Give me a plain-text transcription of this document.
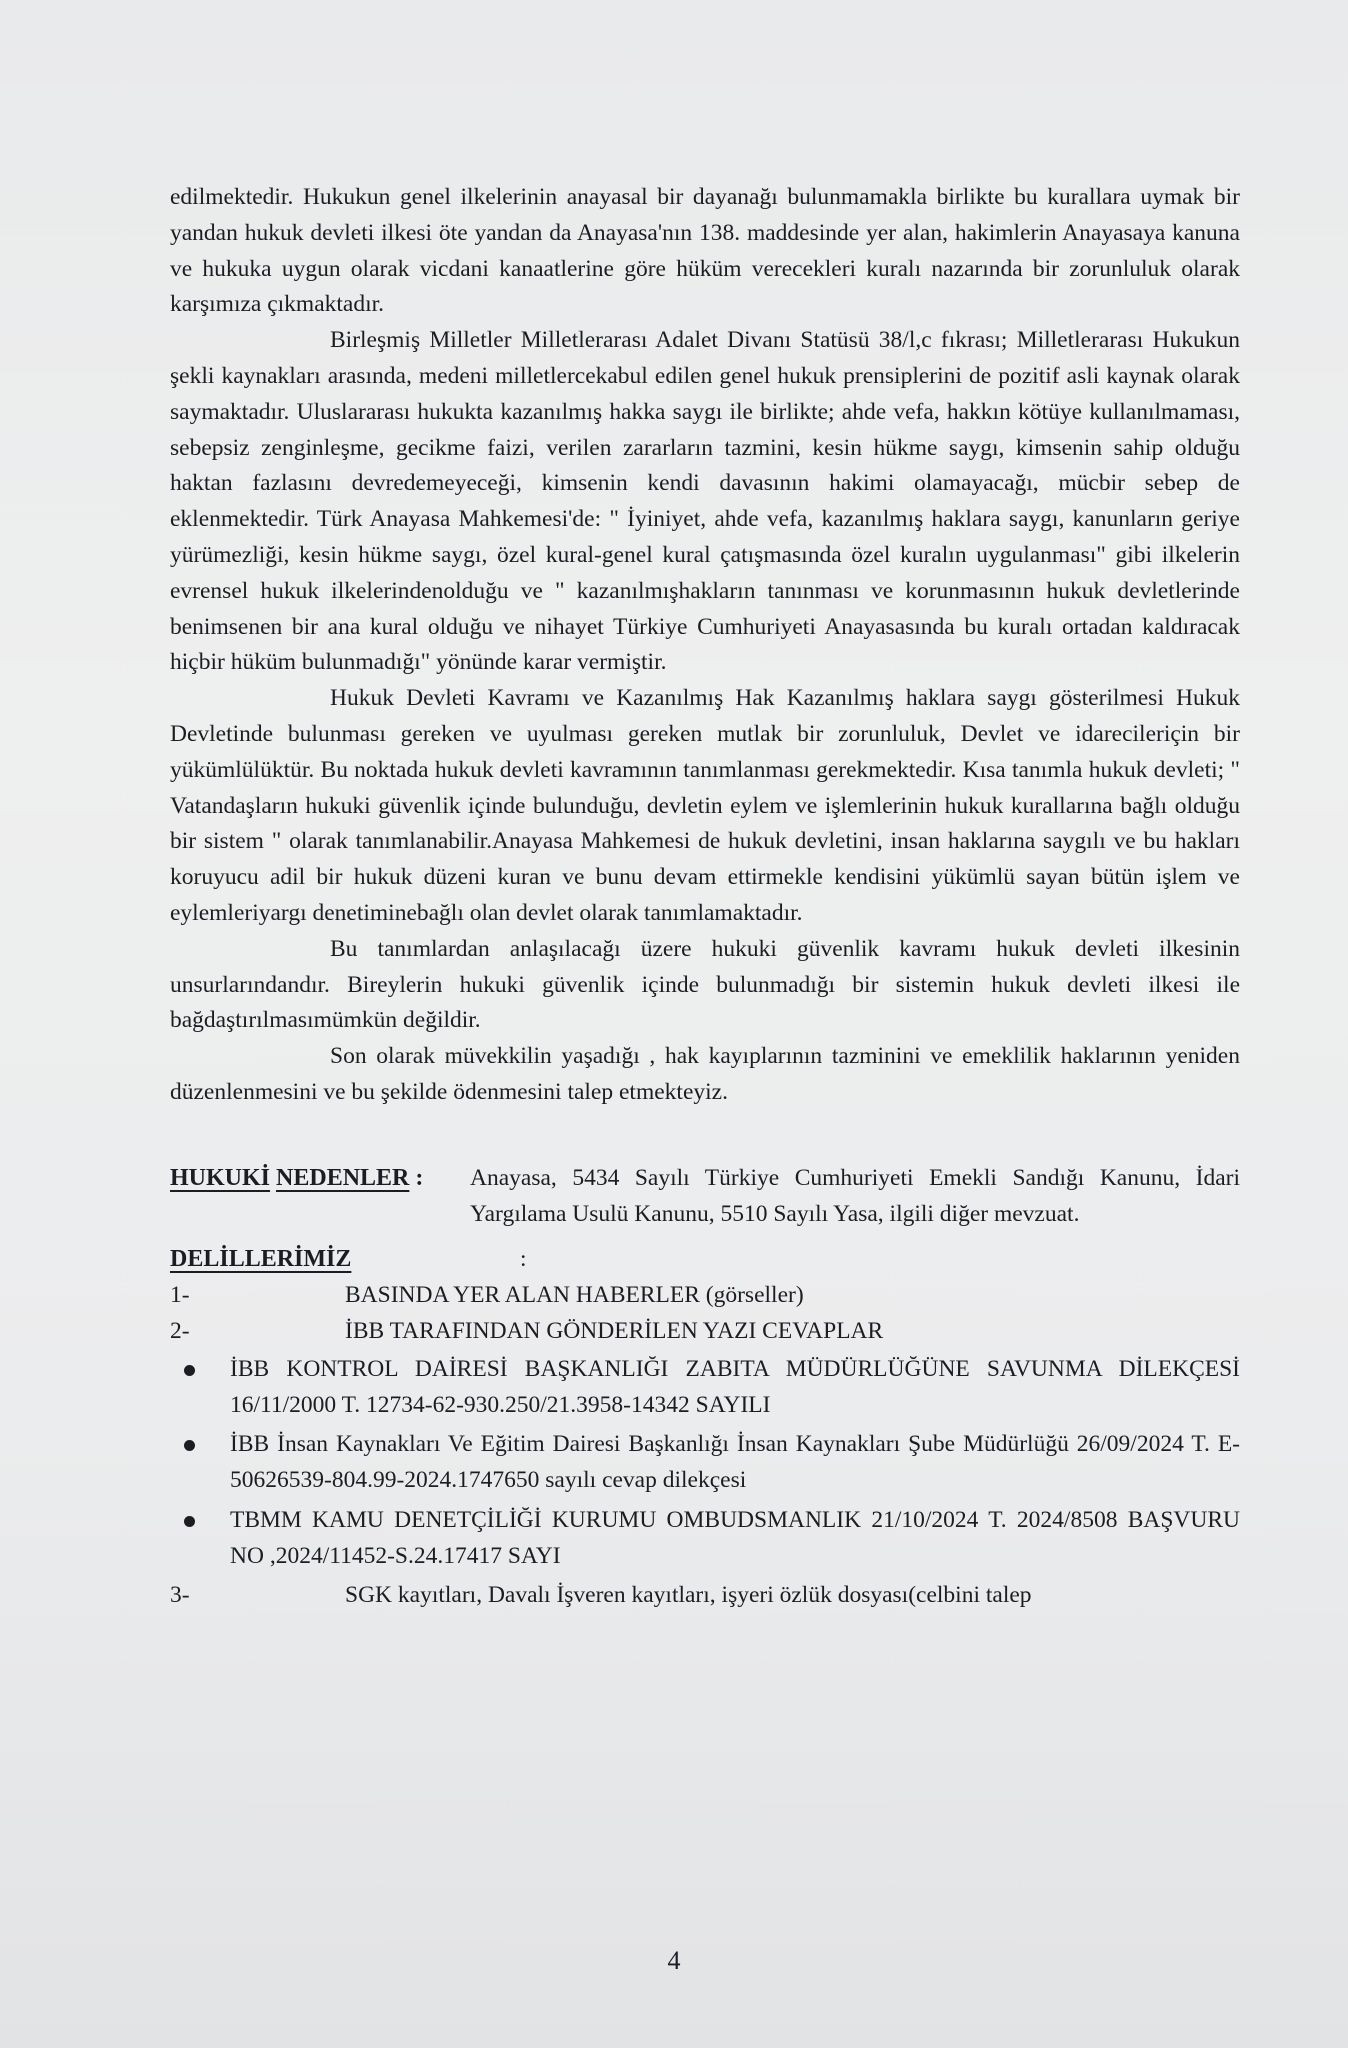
edilmektedir. Hukukun genel ilkelerinin anayasal bir dayanağı bulunmamakla birlikte bu kurallara uymak bir yandan hukuk devleti ilkesi öte yandan da Anayasa'nın 138. maddesinde yer alan, hakimlerin Anayasaya kanuna ve hukuka uygun olarak vicdani kanaatlerine göre hüküm verecekleri kuralı nazarında bir zorunluluk olarak karşımıza çıkmaktadır.

Birleşmiş Milletler Milletlerarası Adalet Divanı Statüsü 38/l,c fıkrası; Milletlerarası Hukukun şekli kaynakları arasında, medeni milletlercekabul edilen genel hukuk prensiplerini de pozitif asli kaynak olarak saymaktadır. Uluslararası hukukta kazanılmış hakka saygı ile birlikte; ahde vefa, hakkın kötüye kullanılmaması, sebepsiz zenginleşme, gecikme faizi, verilen zararların tazmini, kesin hükme saygı, kimsenin sahip olduğu haktan fazlasını devredemeyeceği, kimsenin kendi davasının hakimi olamayacağı, mücbir sebep de eklenmektedir. Türk Anayasa Mahkemesi'de: " İyiniyet, ahde vefa, kazanılmış haklara saygı, kanunların geriye yürümezliği, kesin hükme saygı, özel kural-genel kural çatışmasında özel kuralın uygulanması" gibi ilkelerin evrensel hukuk ilkelerindenolduğu ve " kazanılmışhakların tanınması ve korunmasının hukuk devletlerinde benimsenen bir ana kural olduğu ve nihayet Türkiye Cumhuriyeti Anayasasında bu kuralı ortadan kaldıracak hiçbir hüküm bulunmadığı" yönünde karar vermiştir.

Hukuk Devleti Kavramı ve Kazanılmış Hak Kazanılmış haklara saygı gösterilmesi Hukuk Devletinde bulunması gereken ve uyulması gereken mutlak bir zorunluluk, Devlet ve idarecileriçin bir yükümlülüktür. Bu noktada hukuk devleti kavramının tanımlanması gerekmektedir. Kısa tanımla hukuk devleti; " Vatandaşların hukuki güvenlik içinde bulunduğu, devletin eylem ve işlemlerinin hukuk kurallarına bağlı olduğu bir sistem " olarak tanımlanabilir.Anayasa Mahkemesi de hukuk devletini, insan haklarına saygılı ve bu hakları koruyucu adil bir hukuk düzeni kuran ve bunu devam ettirmekle kendisini yükümlü sayan bütün işlem ve eylemleriyargı denetiminebağlı olan devlet olarak tanımlamaktadır.

Bu tanımlardan anlaşılacağı üzere hukuki güvenlik kavramı hukuk devleti ilkesinin unsurlarındandır. Bireylerin hukuki güvenlik içinde bulunmadığı bir sistemin hukuk devleti ilkesi ile bağdaştırılmasımümkün değildir.

Son olarak müvekkilin yaşadığı , hak kayıplarının tazminini ve emeklilik haklarının yeniden düzenlenmesini ve bu şekilde ödenmesini talep etmekteyiz.

HUKUKİ NEDENLER :	Anayasa, 5434 Sayılı Türkiye Cumhuriyeti Emekli Sandığı Kanunu, İdari Yargılama Usulü Kanunu, 5510 Sayılı Yasa, ilgili diğer mevzuat.
DELİLLERİMİZ	:
1-	BASINDA YER ALAN HABERLER (görseller)
2-	İBB TARAFINDAN GÖNDERİLEN YAZI CEVAPLAR
İBB KONTROL DAİRESİ BAŞKANLIĞI ZABITA MÜDÜRLÜĞÜNE SAVUNMA DİLEKÇESİ 16/11/2000 T. 12734-62-930.250/21.3958-14342 SAYILI
İBB İnsan Kaynakları Ve Eğitim Dairesi Başkanlığı İnsan Kaynakları Şube Müdürlüğü 26/09/2024 T. E-50626539-804.99-2024.1747650 sayılı cevap dilekçesi
TBMM KAMU DENETÇİLİĞİ KURUMU OMBUDSMANLIK 21/10/2024 T. 2024/8508 BAŞVURU NO ,2024/11452-S.24.17417 SAYI
3-	SGK kayıtları, Davalı İşveren kayıtları, işyeri özlük dosyası(celbini talep
4
